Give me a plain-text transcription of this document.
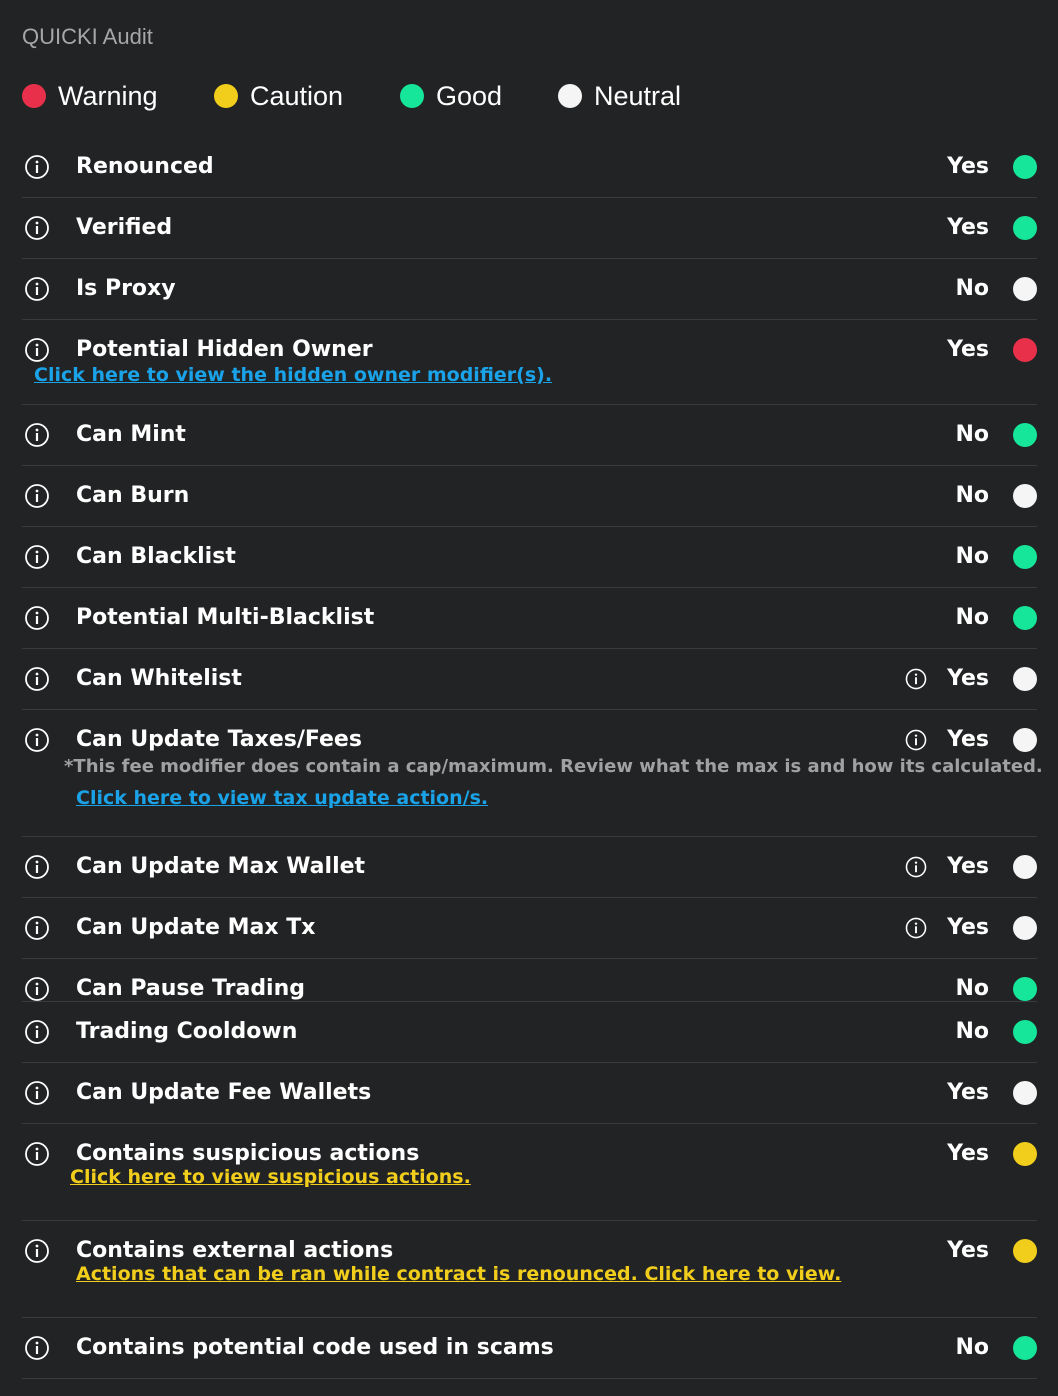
QUICKI Audit
Warning	Caution	Good	Neutral
Renounced	Yes
Verified	Yes
Is Proxy	No
Potential Hidden Owner	Yes
Click here to view the hidden owner modifier(s).
Can Mint	No
Can Burn	No
Can Blacklist	No
Potential Multi-Blacklist	No
Can Whitelist	Yes
Can Update Taxes/Fees	Yes
*This fee modifier does contain a cap/maximum. Review what the max is and how its calculated.
Click here to view tax update action/s.
Can Update Max Wallet	Yes
Can Update Max Tx	Yes
Can Pause Trading	No
Trading Cooldown	No
Can Update Fee Wallets	Yes
Contains suspicious actions	Yes
Click here to view suspicious actions.
Contains external actions	Yes
Actions that can be ran while contract is renounced. Click here to view.
Contains potential code used in scams	No
